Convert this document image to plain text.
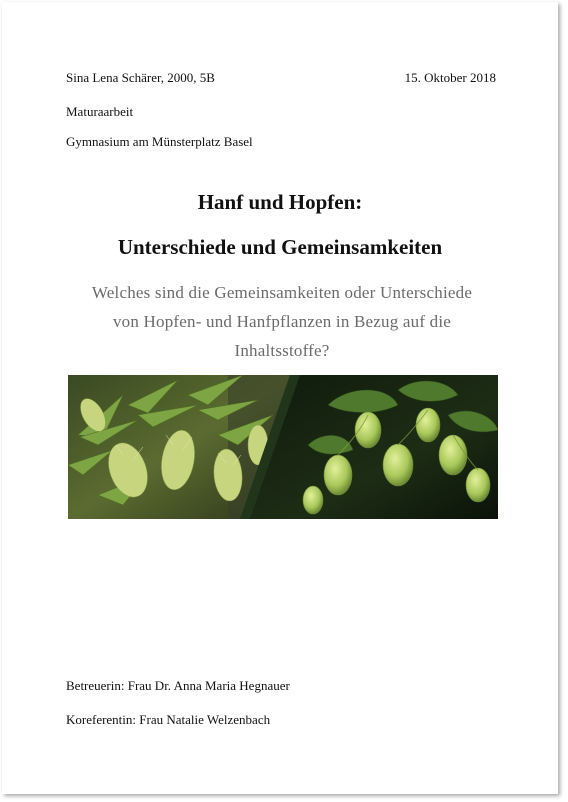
Sina Lena Schärer, 2000, 5B	15. Oktober 2018
Maturaarbeit
Gymnasium am Münsterplatz Basel
Hanf und Hopfen:
Unterschiede und Gemeinsamkeiten
Welches sind die Gemeinsamkeiten oder Unterschiede
von Hopfen- und Hanfpflanzen in Bezug auf die
Inhaltsstoffe?
Betreuerin: Frau Dr. Anna Maria Hegnauer
Koreferentin: Frau Natalie Welzenbach
